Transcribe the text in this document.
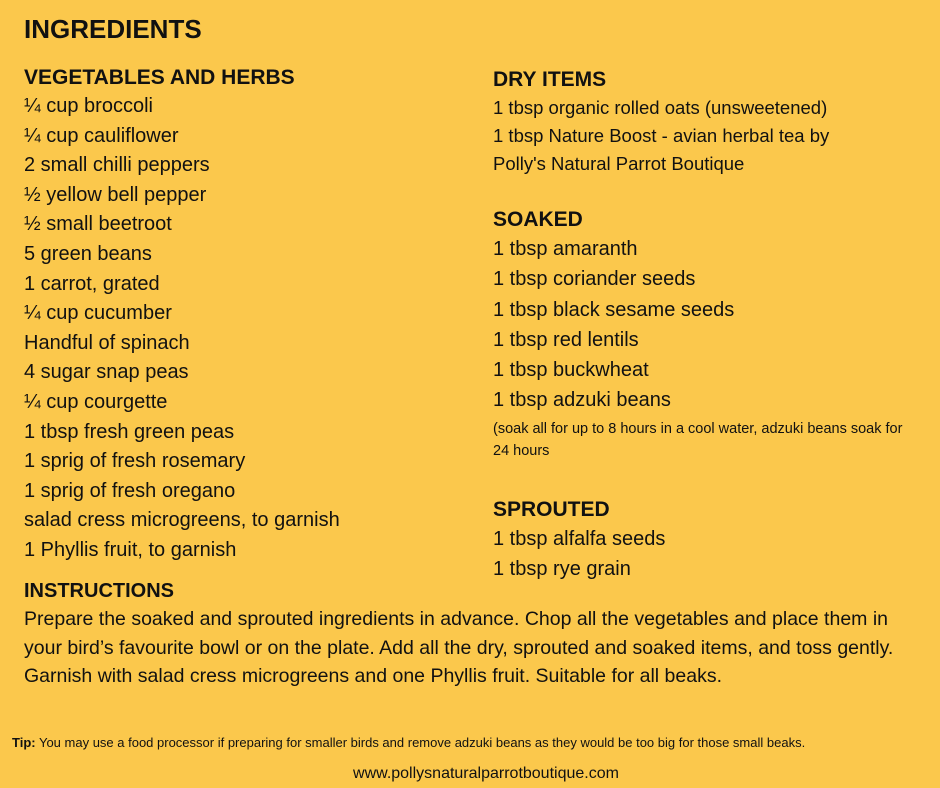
INGREDIENTS
VEGETABLES AND HERBS
¼ cup broccoli
¼ cup cauliflower
2 small chilli peppers
½ yellow bell pepper
½ small beetroot
5 green beans
1 carrot, grated
¼ cup cucumber
Handful of spinach
4 sugar snap peas
¼ cup courgette
1 tbsp fresh green peas
1 sprig of fresh rosemary
1 sprig of fresh oregano
salad cress microgreens, to garnish
1 Phyllis fruit, to garnish
DRY ITEMS
1 tbsp organic rolled oats (unsweetened)
1 tbsp Nature Boost - avian herbal tea by
Polly's Natural Parrot Boutique
SOAKED
1 tbsp amaranth
1 tbsp coriander seeds
1 tbsp black sesame seeds
1 tbsp red lentils
1 tbsp buckwheat
1 tbsp adzuki beans
(soak all for up to 8 hours in a cool water, adzuki beans soak for 24 hours
SPROUTED
1 tbsp alfalfa seeds
1 tbsp rye grain
INSTRUCTIONS

Prepare the soaked and sprouted ingredients in advance. Chop all the vegetables and place them in your bird’s favourite bowl or on the plate. Add all the dry, sprouted and soaked items, and toss gently. Garnish with salad cress microgreens and one Phyllis fruit. Suitable for all beaks.

Tip: You may use a food processor if preparing for smaller birds and remove adzuki beans as they would be too big for those small beaks.
www.pollysnaturalparrotboutique.com
